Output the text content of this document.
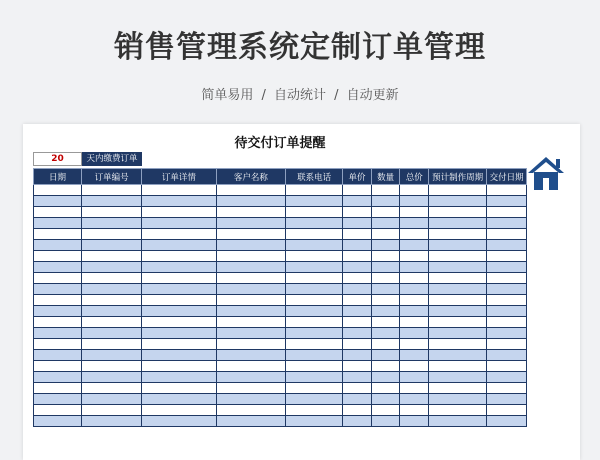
销售管理系统定制订单管理
简单易用 / 自动统计 / 自动更新
待交付订单提醒
20	天内缴费订单
日期	订单编号	订单详情	客户名称	联系电话	单价	数量	总价	预计制作周期	交付日期
